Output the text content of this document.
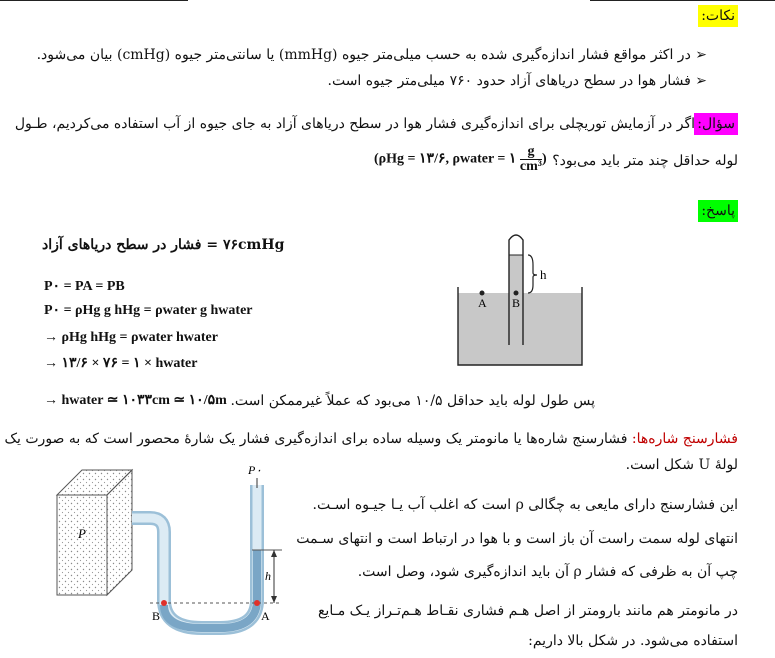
نکات:
➢ در اکثر مواقع فشار اندازه‌گیری شده به حسب میلی‌متر جیوه (mmHg) یا سانتی‌متر جیوه (cmHg) بیان می‌شود.
➢ فشار هوا در سطح دریاهای آزاد حدود ۷۶۰ میلی‌متر جیوه است.
سؤال:
اگر در آزمایش توریچلی برای اندازه‌گیری فشار هوا در سطح دریاهای آزاد به جای جیوه از آب استفاده می‌کردیم، طـول
لوله حداقل چند متر باید می‌بود؟
(ρHg = ۱۳/۶, ρwater = ۱ $\frac{g}{\text{cm³}}$ )
پاسخ:
۷۶cmHg = فشار در سطح دریاهای آزاد
P۰ = PA = PB
P۰ = ρHg g hHg = ρwater g hwater
→ ρHg hHg = ρwater hwater
→ ۱۳/۶ × ۷۶ = ۱ × hwater
پس طول لوله باید حداقل ۱۰/۵ می‌بود که عملاً غیرممکن است.
→ hwater ≃ ۱۰۳۳cm ≃ ۱۰/۵m
h
A B
فشارسنج شاره‌ها: فشارسنج شاره‌ها یا مانومتر یک وسیله ساده برای اندازه‌گیری فشار یک شارهٔ محصور است که به صورت یک
لولهٔ U شکل است.
این فشارسنج دارای مایعی به چگالی ρ است که اغلب آب یـا جیـوه اسـت.
انتهای لوله سمت راست آن باز است و با هوا در ارتباط است و انتهای سـمت
چپ آن به ظرفی که فشار ρ آن باید اندازه‌گیری شود، وصل است.
در مانومتر هم مانند بارومتر از اصل هـم فشاری نقـاط هـم‌تـراز یـک مـایع
استفاده می‌شود. در شکل بالا داریم:
P
h
P۰
B	A
